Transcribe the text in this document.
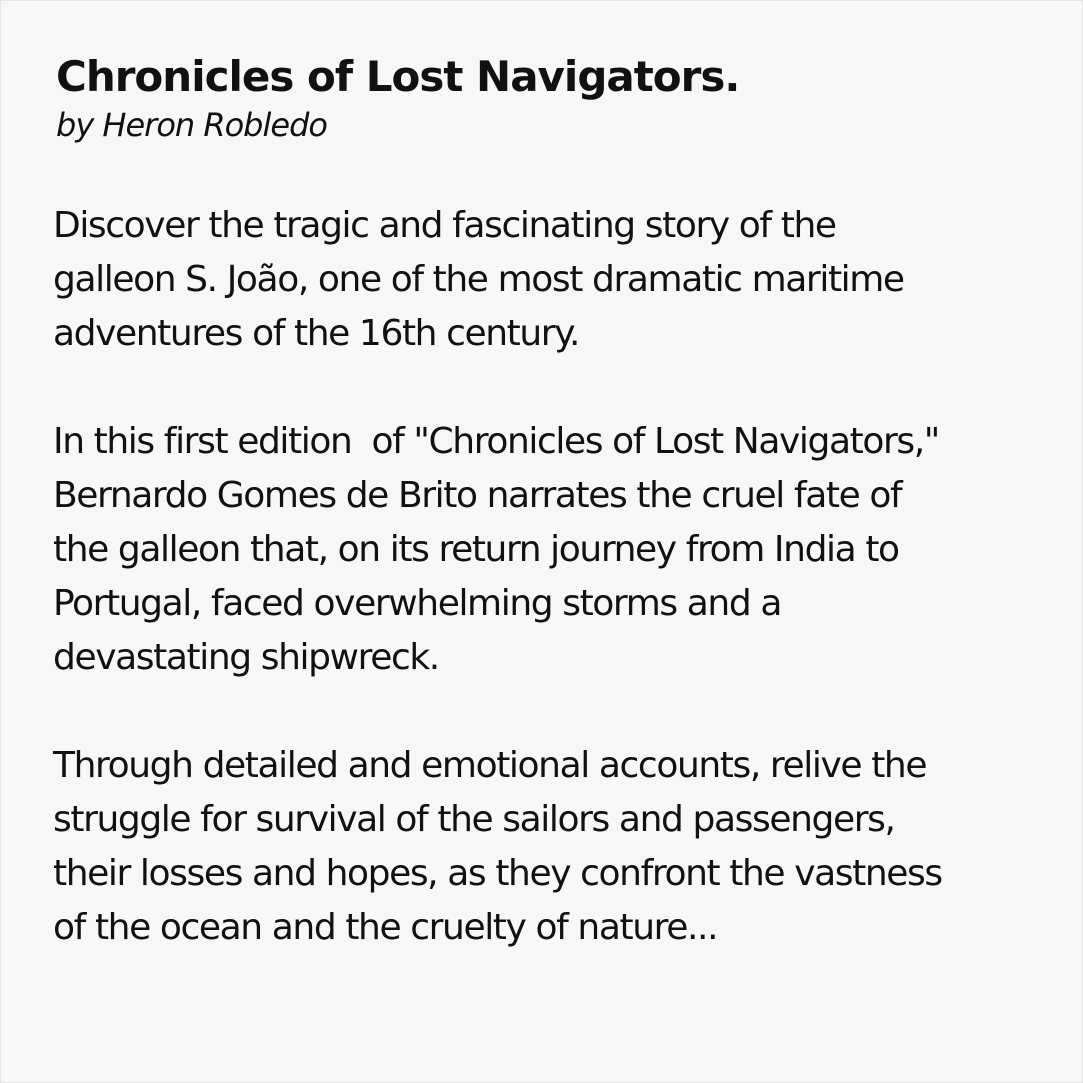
Chronicles of Lost Navigators.

by Heron Robledo

Discover the tragic and fascinating story of the
galleon S. João, one of the most dramatic maritime
adventures of the 16th century.

In this first edition  of "Chronicles of Lost Navigators,"
Bernardo Gomes de Brito narrates the cruel fate of
the galleon that, on its return journey from India to
Portugal, faced overwhelming storms and a
devastating shipwreck.

Through detailed and emotional accounts, relive the
struggle for survival of the sailors and passengers,
their losses and hopes, as they confront the vastness
of the ocean and the cruelty of nature...
